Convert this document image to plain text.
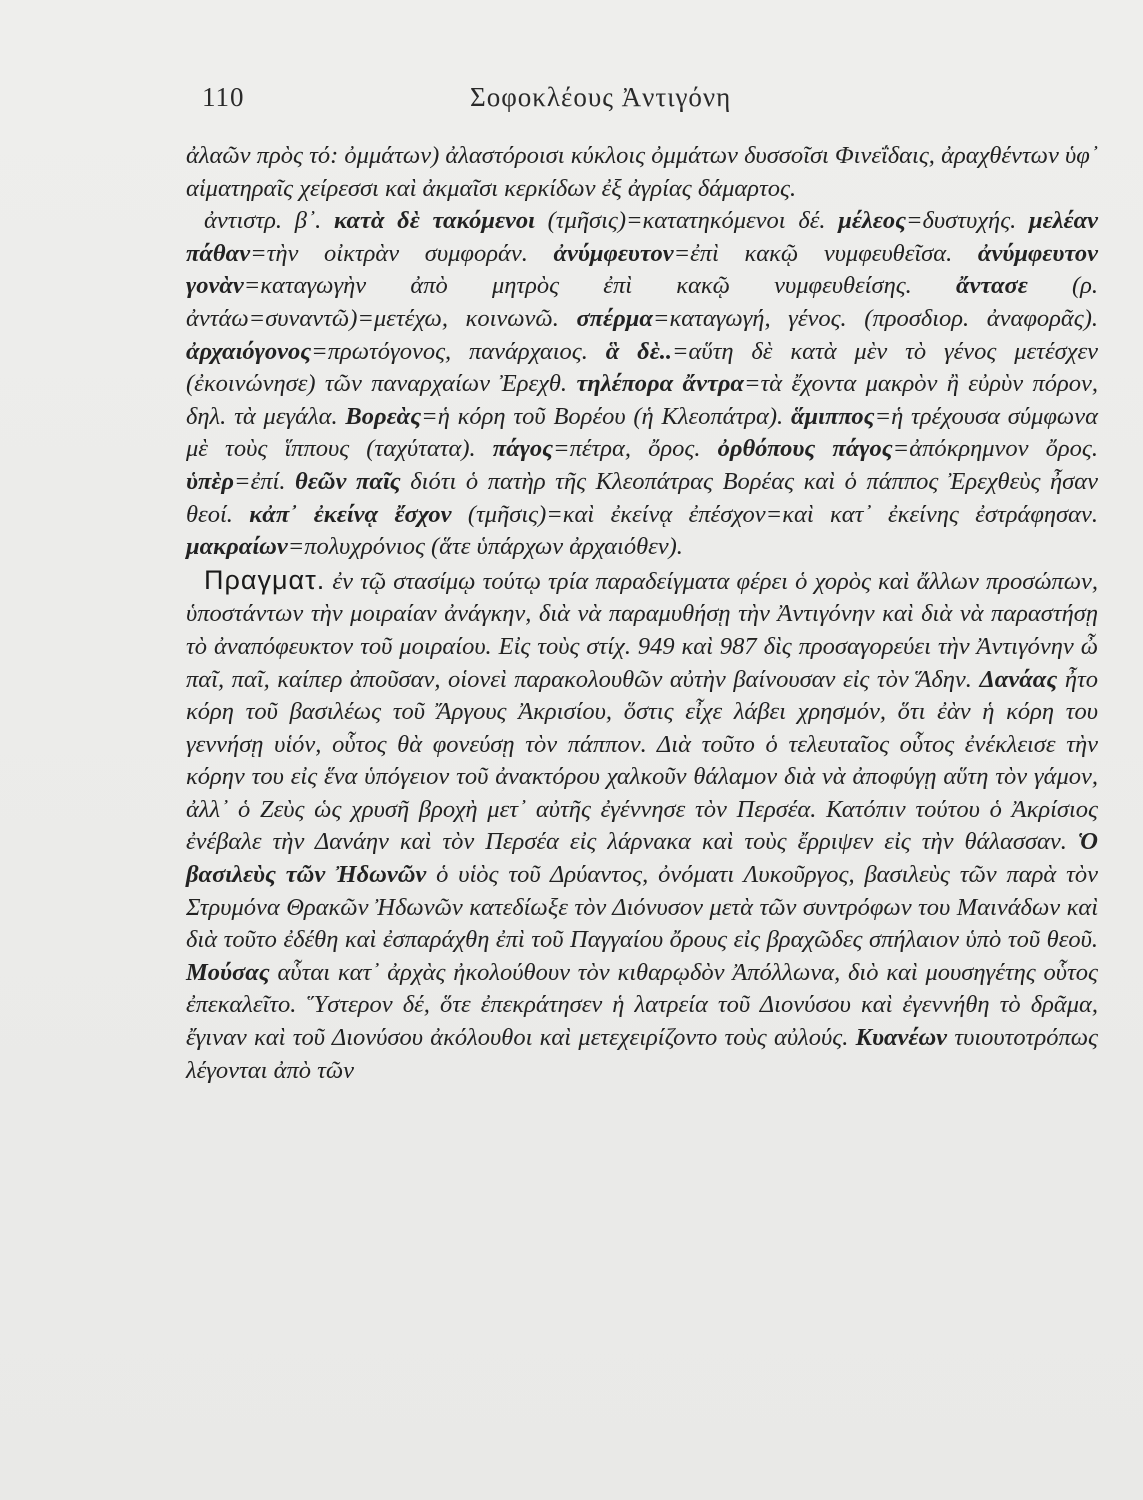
110	Σοφοκλέους Ἀντιγόνη

ἀλαῶν πρὸς τό: ὀμμάτων) ἀλαστόροισι κύκλοις ὀμμάτων δυσσοῖσι Φινεΐδαις, ἀραχθέντων ὑφ᾽ αἱματηραῖς χείρεσσι καὶ ἀκμαῖσι κερκίδων ἐξ ἀγρίας δάμαρτος.

ἀντιστρ. β᾽. κατὰ δὲ τακόμενοι (τμῆσις)=κατατηκόμενοι δέ. μέλεος=δυστυχής. μελέαν πάθαν=τὴν οἰκτρὰν συμφοράν. ἀνύμφευτον=ἐπὶ κακῷ νυμφευθεῖσα. ἀνύμφευτον γονὰν=καταγωγὴν ἀπὸ μητρὸς ἐπὶ κακῷ νυμφευθείσης. ἄντασε (ρ. ἀντάω=συναντῶ)=μετέχω, κοινωνῶ. σπέρμα=καταγωγή, γένος. (προσδιορ. ἀναφορᾶς). ἀρχαιόγονος=πρωτόγονος, πανάρχαιος. ἃ δὲ..=αὕτη δὲ κατὰ μὲν τὸ γένος μετέσχεν (ἐκοινώνησε) τῶν παναρχαίων Ἐρεχθ. τηλέπορα ἄντρα=τὰ ἔχοντα μακρὸν ἢ εὐρὺν πόρον, δηλ. τὰ μεγάλα. Βορεὰς=ἡ κόρη τοῦ Βορέου (ἡ Κλεοπάτρα). ἅμιππος=ἡ τρέχουσα σύμφωνα μὲ τοὺς ἵππους (ταχύτατα). πάγος=πέτρα, ὄρος. ὀρθόπους πάγος=ἀπόκρημνον ὄρος. ὑπὲρ=ἐπί. θεῶν παῖς διότι ὁ πατὴρ τῆς Κλεοπάτρας Βορέας καὶ ὁ πάππος Ἐρεχθεὺς ἦσαν θεοί. κἀπ᾽ ἐκείνᾳ ἔσχον (τμῆσις)=καὶ ἐκείνᾳ ἐπέσχον=καὶ κατ᾽ ἐκείνης ἐστράφησαν. μακραίων=πολυχρόνιος (ἅτε ὑπάρχων ἀρχαιόθεν).

Πραγματ. ἐν τῷ στασίμῳ τούτῳ τρία παραδείγματα φέρει ὁ χορὸς καὶ ἄλλων προσώπων, ὑποστάντων τὴν μοιραίαν ἀνάγκην, διὰ νὰ παραμυθήσῃ τὴν Ἀντιγόνην καὶ διὰ νὰ παραστήσῃ τὸ ἀναπόφευκτον τοῦ μοιραίου. Εἰς τοὺς στίχ. 949 καὶ 987 δὶς προσαγορεύει τὴν Ἀντιγόνην ὦ παῖ, παῖ, καίπερ ἀποῦσαν, οἱονεὶ παρακολουθῶν αὐτὴν βαίνουσαν εἰς τὸν Ἅδην. Δανάας ἦτο κόρη τοῦ βασιλέως τοῦ Ἄργους Ἀκρισίου, ὅστις εἶχε λάβει χρησμόν, ὅτι ἐὰν ἡ κόρη του γεννήσῃ υἱόν, οὗτος θὰ φονεύσῃ τὸν πάππον. Διὰ τοῦτο ὁ τελευταῖος οὗτος ἐνέκλεισε τὴν κόρην του εἰς ἕνα ὑπόγειον τοῦ ἀνακτόρου χαλκοῦν θάλαμον διὰ νὰ ἀποφύγῃ αὕτη τὸν γάμον, ἀλλ᾽ ὁ Ζεὺς ὡς χρυσῆ βροχὴ μετ᾽ αὐτῆς ἐγέννησε τὸν Περσέα. Κατόπιν τούτου ὁ Ἀκρίσιος ἐνέβαλε τὴν Δανάην καὶ τὸν Περσέα εἰς λάρνακα καὶ τοὺς ἔρριψεν εἰς τὴν θάλασσαν. Ὁ βασιλεὺς τῶν Ἠδωνῶν ὁ υἱὸς τοῦ Δρύαντος, ὀνόματι Λυκοῦργος, βασιλεὺς τῶν παρὰ τὸν Στρυμόνα Θρακῶν Ἠδωνῶν κατεδίωξε τὸν Διόνυσον μετὰ τῶν συντρόφων του Μαινάδων καὶ διὰ τοῦτο ἐδέθη καὶ ἐσπαράχθη ἐπὶ τοῦ Παγγαίου ὄρους εἰς βραχῶδες σπήλαιον ὑπὸ τοῦ θεοῦ. Μούσας αὗται κατ᾽ ἀρχὰς ἠκολούθουν τὸν κιθαρῳδὸν Ἀπόλλωνα, διὸ καὶ μουσηγέτης οὗτος ἐπεκαλεῖτο. Ὕστερον δέ, ὅτε ἐπεκράτησεν ἡ λατρεία τοῦ Διονύσου καὶ ἐγεννήθη τὸ δρᾶμα, ἔγιναν καὶ τοῦ Διονύσου ἀκόλουθοι καὶ μετεχειρίζοντο τοὺς αὐλούς. Κυανέων τυιουτοτρόπως λέγονται ἀπὸ τῶν
